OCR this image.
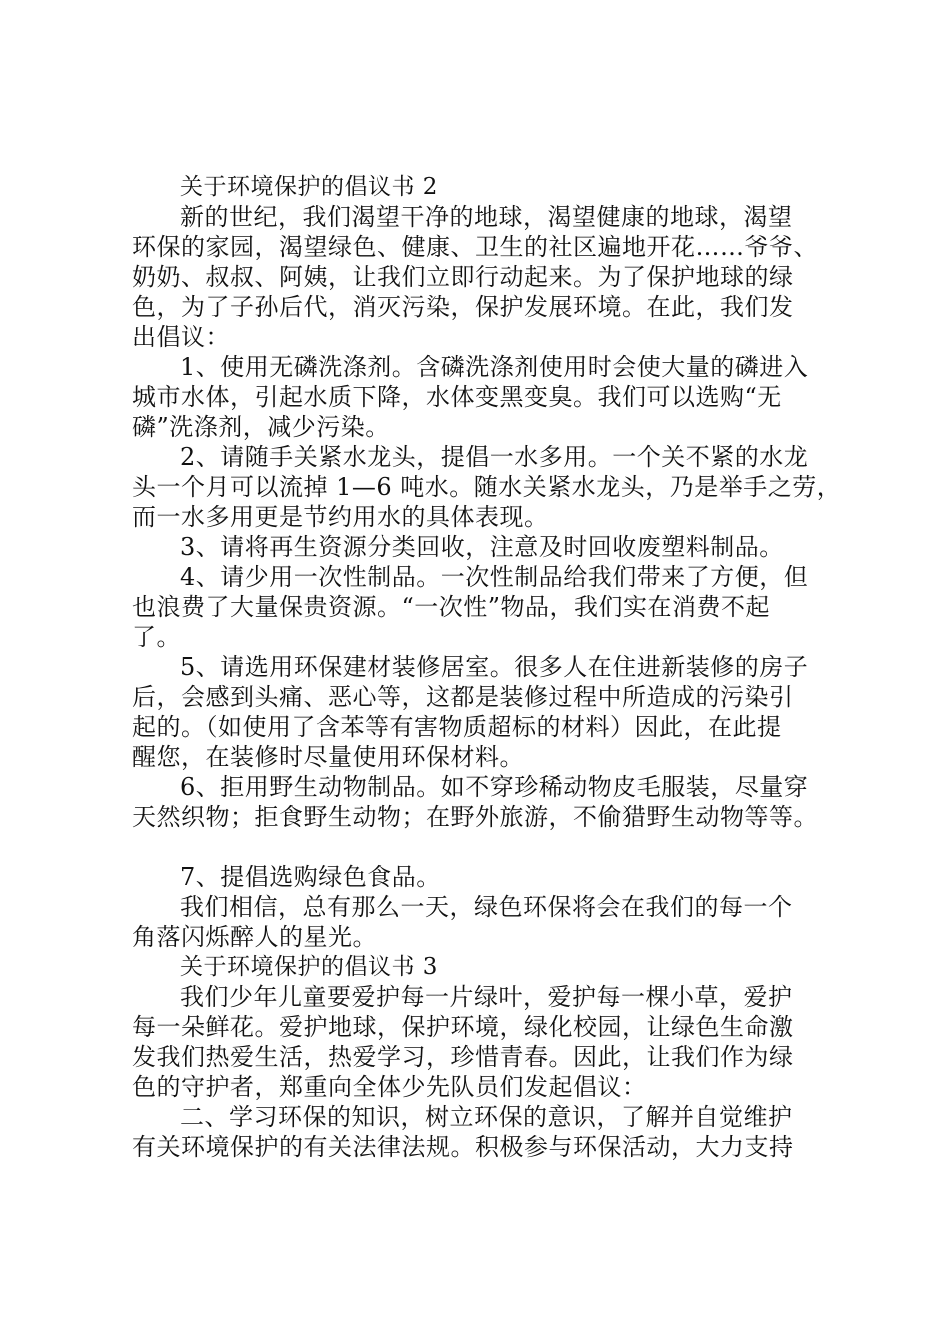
关于环境保护的倡议书 2
新的世纪，我们渴望干净的地球，渴望健康的地球，渴望
环保的家园，渴望绿色、健康、卫生的社区遍地开花……爷爷、
奶奶、叔叔、阿姨，让我们立即行动起来。为了保护地球的绿
色，为了子孙后代，消灭污染，保护发展环境。在此，我们发
出倡议：
1、使用无磷洗涤剂。含磷洗涤剂使用时会使大量的磷进入
城市水体，引起水质下降，水体变黑变臭。我们可以选购“无
磷”洗涤剂，减少污染。
2、请随手关紧水龙头，提倡一水多用。一个关不紧的水龙
头一个月可以流掉 1—6 吨水。随水关紧水龙头，乃是举手之劳，
而一水多用更是节约用水的具体表现。
3、请将再生资源分类回收，注意及时回收废塑料制品。
4、请少用一次性制品。一次性制品给我们带来了方便，但
也浪费了大量保贵资源。“一次性”物品，我们实在消费不起
了。
5、请选用环保建材装修居室。很多人在住进新装修的房子
后，会感到头痛、恶心等，这都是装修过程中所造成的污染引
起的。（如使用了含苯等有害物质超标的材料）因此，在此提
醒您，在装修时尽量使用环保材料。
6、拒用野生动物制品。如不穿珍稀动物皮毛服装，尽量穿
天然织物；拒食野生动物；在野外旅游，不偷猎野生动物等等。
7、提倡选购绿色食品。
我们相信，总有那么一天，绿色环保将会在我们的每一个
角落闪烁醉人的星光。
关于环境保护的倡议书 3
我们少年儿童要爱护每一片绿叶，爱护每一棵小草，爱护
每一朵鲜花。爱护地球，保护环境，绿化校园，让绿色生命激
发我们热爱生活，热爱学习，珍惜青春。因此，让我们作为绿
色的守护者，郑重向全体少先队员们发起倡议：
二、学习环保的知识，树立环保的意识，了解并自觉维护
有关环境保护的有关法律法规。积极参与环保活动，大力支持
